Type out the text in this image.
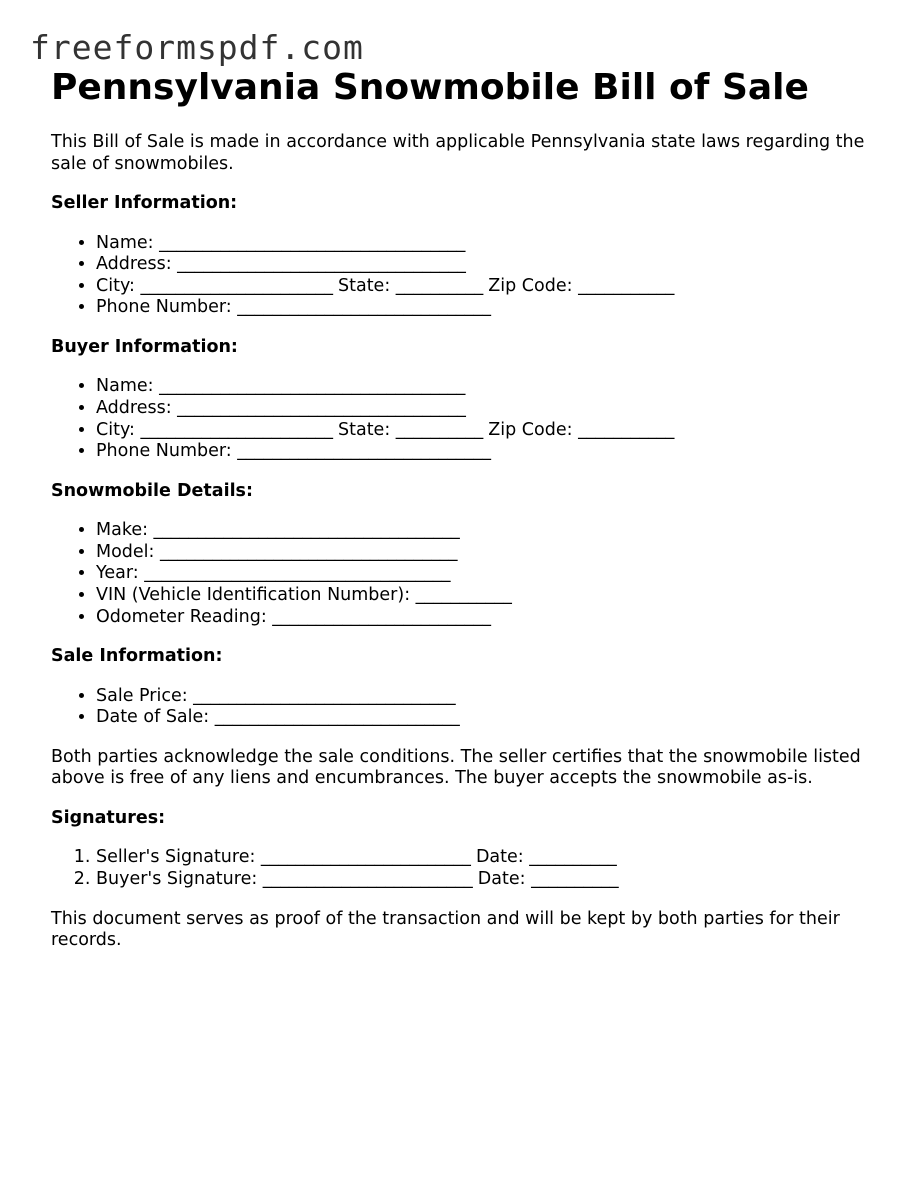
freeformspdf.com
Pennsylvania Snowmobile Bill of Sale

This Bill of Sale is made in accordance with applicable Pennsylvania state laws regarding the sale of snowmobiles.

Seller Information:
• Name: ___________________________________
• Address: _________________________________
• City: ______________________ State: __________ Zip Code: ___________
• Phone Number: _____________________________
Buyer Information:
• Name: ___________________________________
• Address: _________________________________
• City: ______________________ State: __________ Zip Code: ___________
• Phone Number: _____________________________
Snowmobile Details:
• Make: ___________________________________
• Model: __________________________________
• Year: ___________________________________
• VIN (Vehicle Identification Number): ___________
• Odometer Reading: _________________________
Sale Information:
• Sale Price: ______________________________
• Date of Sale: ____________________________

Both parties acknowledge the sale conditions. The seller certifies that the snowmobile listed above is free of any liens and encumbrances. The buyer accepts the snowmobile as-is.

Signatures:
1. Seller's Signature: ________________________ Date: __________
2. Buyer's Signature: ________________________ Date: __________

This document serves as proof of the transaction and will be kept by both parties for their records.
